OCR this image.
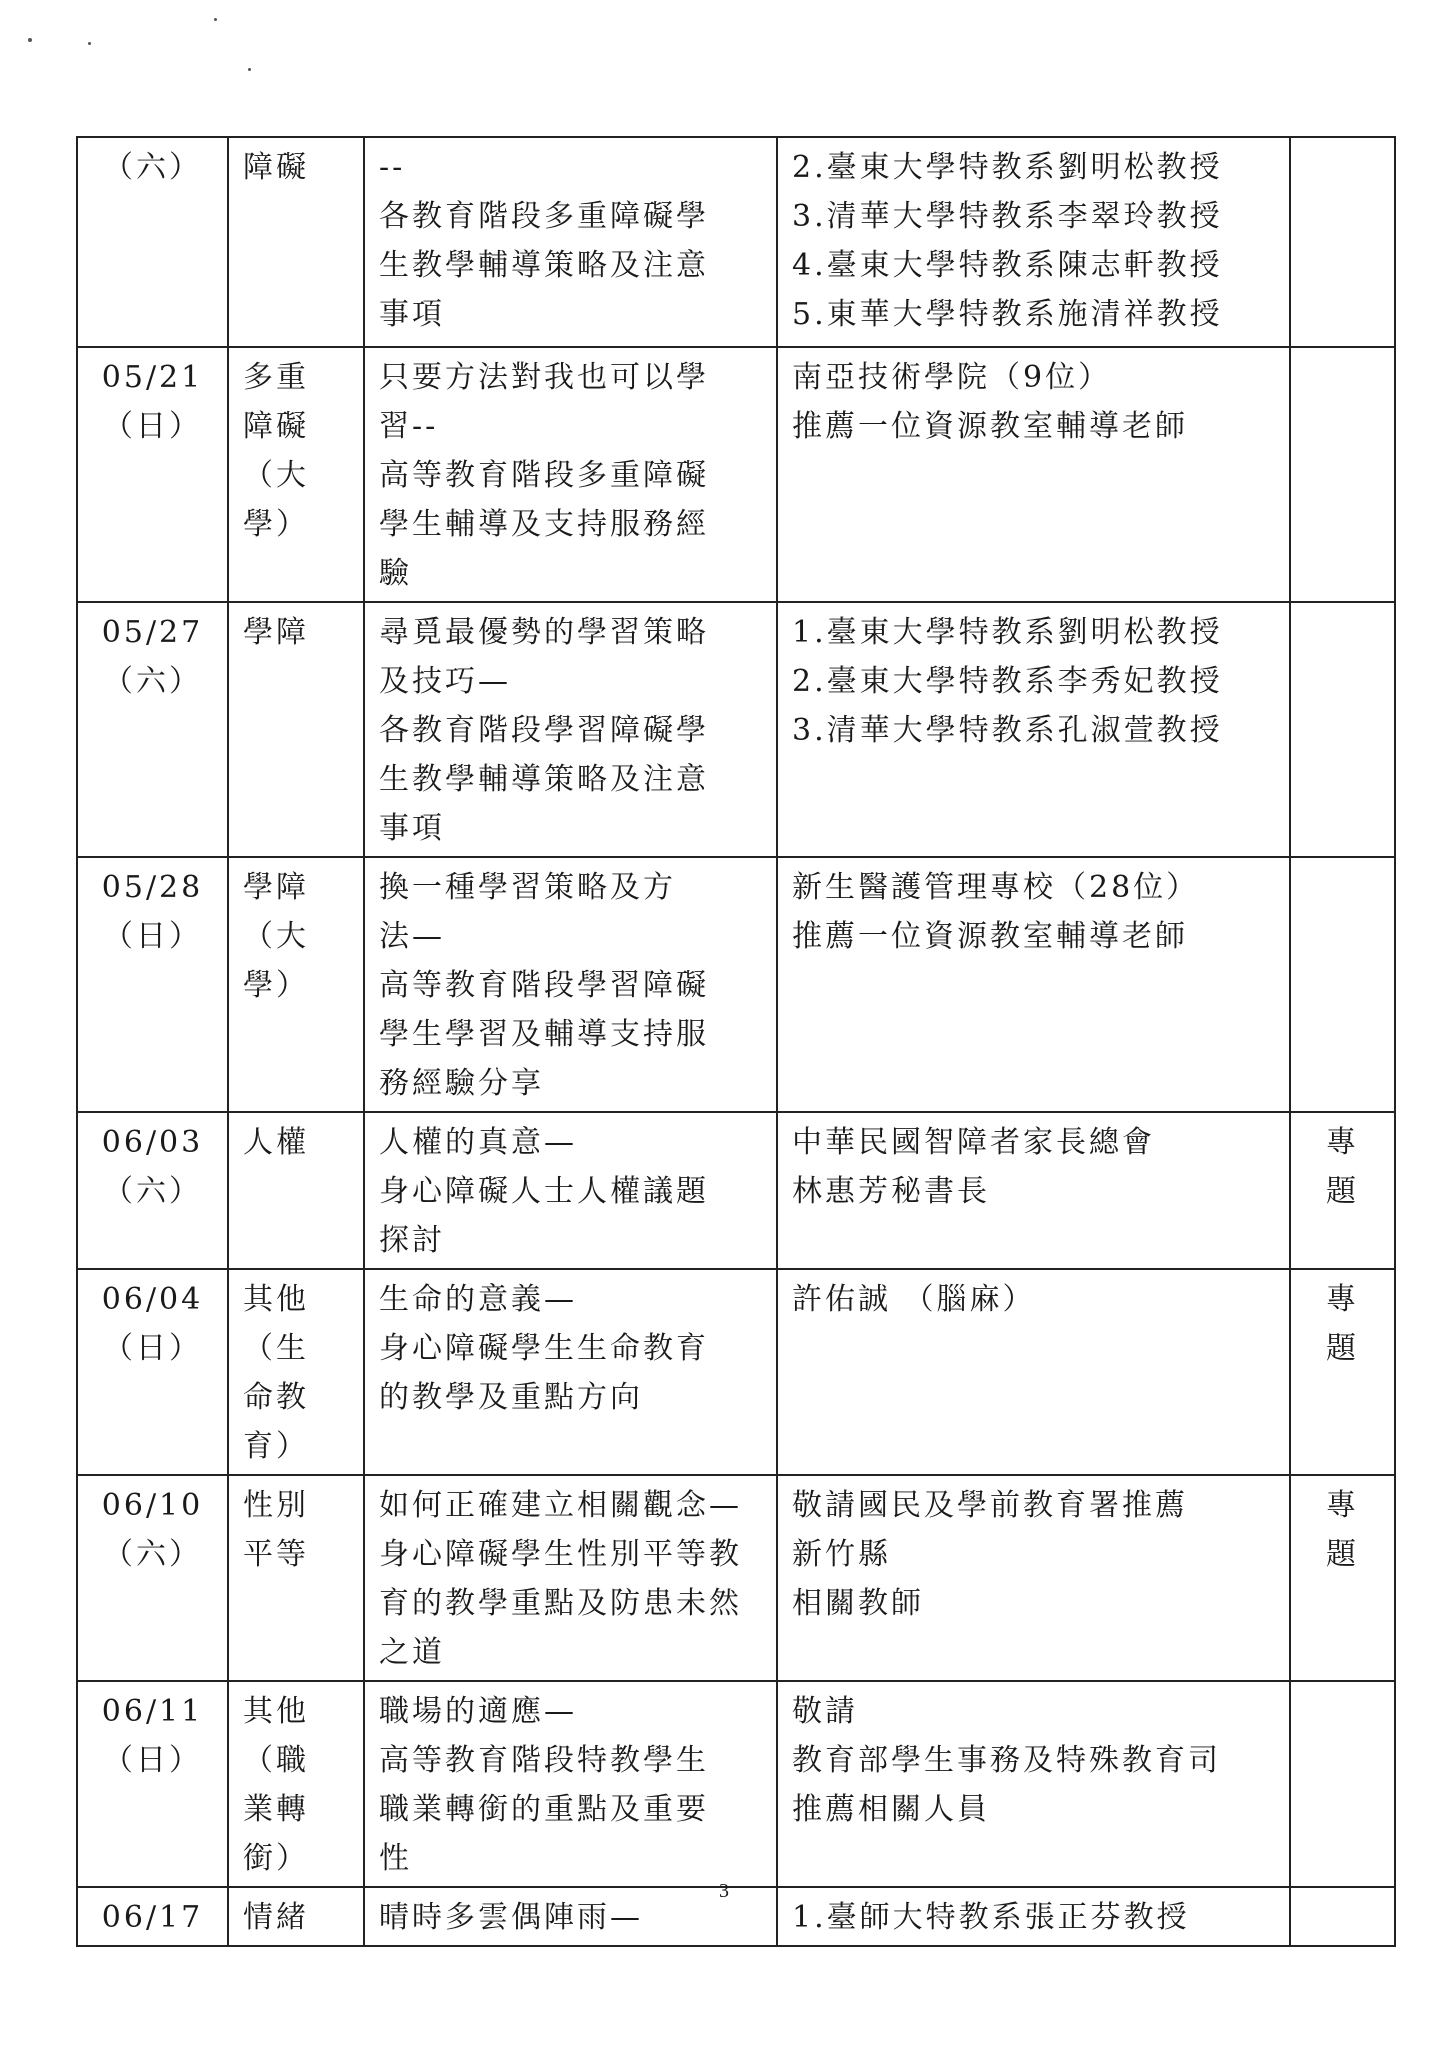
（六）	障礙	--
各教育階段多重障礙學
生教學輔導策略及注意
事項	2.臺東大學特教系劉明松教授
3.清華大學特教系李翠玲教授
4.臺東大學特教系陳志軒教授
5.東華大學特教系施清祥教授	

05/21
（日）	多重
障礙
（大
學）	只要方法對我也可以學
習--
高等教育階段多重障礙
學生輔導及支持服務經
驗	南亞技術學院（9位）
推薦一位資源教室輔導老師	

05/27
（六）	學障	尋覓最優勢的學習策略
及技巧—
各教育階段學習障礙學
生教學輔導策略及注意
事項	1.臺東大學特教系劉明松教授
2.臺東大學特教系李秀妃教授
3.清華大學特教系孔淑萱教授	

05/28
（日）	學障
（大
學）	換一種學習策略及方
法—
高等教育階段學習障礙
學生學習及輔導支持服
務經驗分享	新生醫護管理專校（28位）
推薦一位資源教室輔導老師	

06/03
（六）	人權	人權的真意—
身心障礙人士人權議題
探討	中華民國智障者家長總會
林惠芳秘書長	專
題

06/04
（日）	其他
（生
命教
育）	生命的意義—
身心障礙學生生命教育
的教學及重點方向	許佑誠 （腦麻）	專
題

06/10
（六）	性別
平等	如何正確建立相關觀念—
身心障礙學生性別平等教
育的教學重點及防患未然
之道	敬請國民及學前教育署推薦
新竹縣
相關教師	專
題

06/11
（日）	其他
（職
業轉
銜）	職場的適應—
高等教育階段特教學生
職業轉銜的重點及重要
性	敬請
教育部學生事務及特殊教育司
推薦相關人員	

06/17	情緒	晴時多雲偶陣雨—	1.臺師大特教系張正芬教授	

3
